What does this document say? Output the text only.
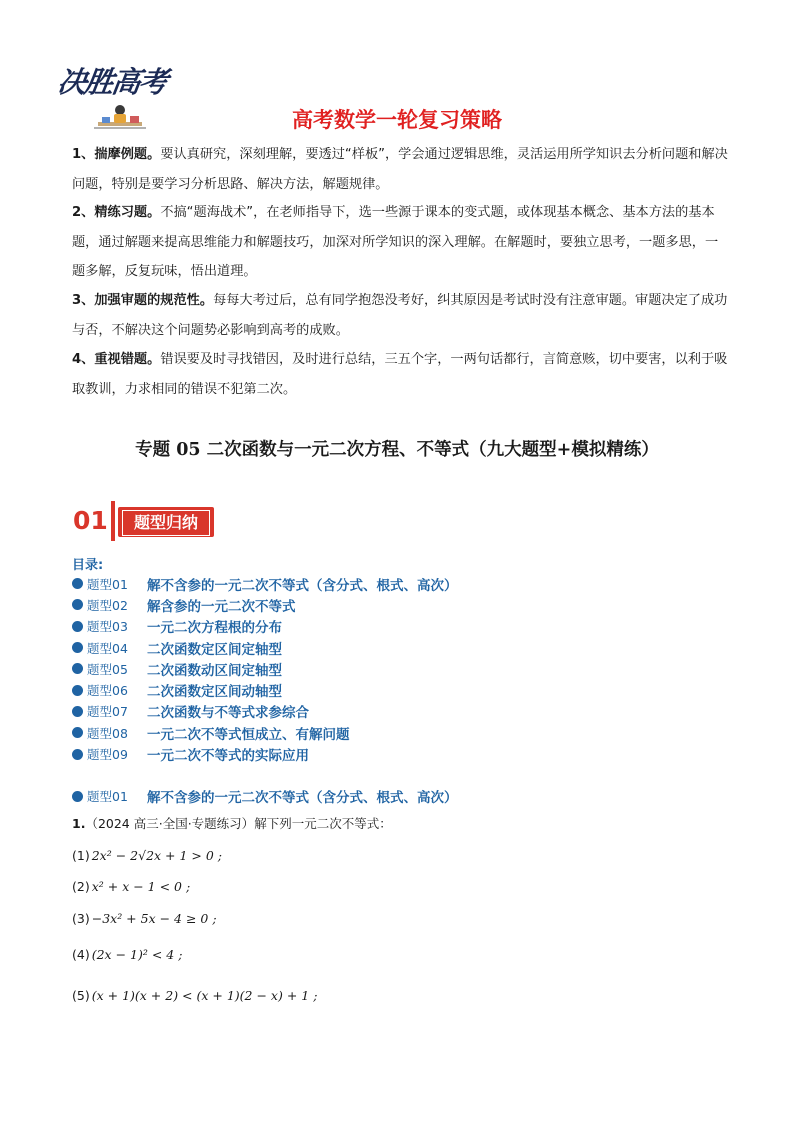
决胜高考
高考数学一轮复习策略
1、揣摩例题。要认真研究，深刻理解，要透过“样板”，学会通过逻辑思维，灵活运用所学知识去分析问题和解决问题，特别是要学习分析思路、解决方法，解题规律。
2、精练习题。不搞“题海战术”，在老师指导下，选一些源于课本的变式题，或体现基本概念、基本方法的基本题，通过解题来提高思维能力和解题技巧，加深对所学知识的深入理解。在解题时，要独立思考，一题多思，一题多解，反复玩味，悟出道理。
3、加强审题的规范性。每每大考过后，总有同学抱怨没考好，纠其原因是考试时没有注意审题。审题决定了成功与否，不解决这个问题势必影响到高考的成败。
4、重视错题。错误要及时寻找错因，及时进行总结，三五个字，一两句话都行，言简意赅，切中要害，以利于吸取教训，力求相同的错误不犯第二次。
专题 05 二次函数与一元二次方程、不等式（九大题型+模拟精练）
01	题型归纳
目录:
题型01	解不含参的一元二次不等式（含分式、根式、高次）
题型02	解含参的一元二次不等式
题型03	一元二次方程根的分布
题型04	二次函数定区间定轴型
题型05	二次函数动区间定轴型
题型06	二次函数定区间动轴型
题型07	二次函数与不等式求参综合
题型08	一元二次不等式恒成立、有解问题
题型09	一元二次不等式的实际应用
题型01	解不含参的一元二次不等式（含分式、根式、高次）
1.（2024 高三·全国·专题练习）解下列一元二次不等式：
(1) 2x² − 2√2x + 1 > 0 ;
(2) x² + x − 1 < 0 ;
(3) −3x² + 5x − 4 ≥ 0 ;
(4) (2x − 1)² < 4 ;
(5) (x + 1)(x + 2) < (x + 1)(2 − x) + 1 ;
